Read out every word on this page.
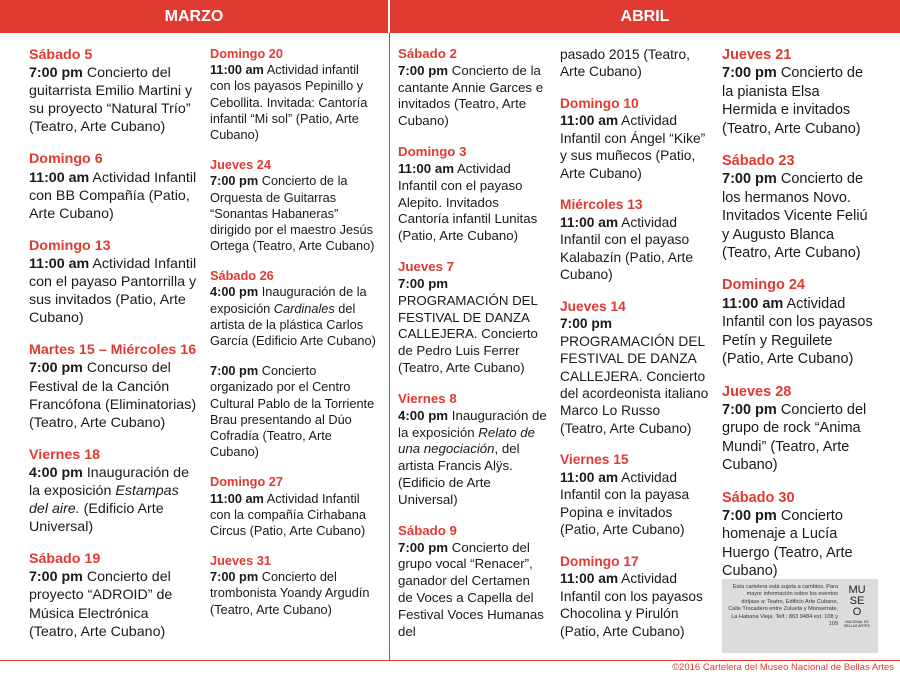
MARZO	ABRIL
Sábado 5
7:00 pm Concierto del guitarrista Emilio Martini y su proyecto “Natural Trío” (Teatro, Arte Cubano)
Domingo 6
11:00 am Actividad Infantil con BB Compañía (Patio, Arte Cubano)
Domingo 13
11:00 am Actividad Infantil con el payaso Pantorrilla y sus invitados (Patio, Arte Cubano)
Martes 15 – Miércoles 16
7:00 pm Concurso del Festival de la Canción Francófona (Eliminatorias) (Teatro, Arte Cubano)
Viernes 18
4:00 pm Inauguración de la exposición Estampas del aire. (Edificio Arte Universal)
Sábado 19
7:00 pm Concierto del proyecto “ADROID” de Música Electrónica (Teatro, Arte Cubano)
Domingo 20
11:00 am Actividad infantil con los payasos Pepinillo y Cebollita. Invitada: Cantoría infantil “Mi sol” (Patio, Arte Cubano)
Jueves 24
7:00 pm Concierto de la Orquesta de Guitarras “Sonantas Habaneras” dirigido por el maestro Jesús Ortega (Teatro, Arte Cubano)
Sábado 26
4:00 pm Inauguración de la exposición Cardinales del artista de la plástica Carlos García (Edificio Arte Cubano)
7:00 pm Concierto organizado por el Centro Cultural Pablo de la Torriente Brau presentando al Dúo Cofradía (Teatro, Arte Cubano)
Domingo 27
11:00 am Actividad Infantil con la compañía Cirhabana Circus (Patio, Arte Cubano)
Jueves 31
7:00 pm Concierto del trombonista Yoandy Argudín (Teatro, Arte Cubano)
Sábado 2
7:00 pm Concierto de la cantante Annie Garces e invitados (Teatro, Arte Cubano)
Domingo 3
11:00 am Actividad Infantil con el payaso Alepito. Invitados Cantoría infantil Lunitas (Patio, Arte Cubano)
Jueves 7
7:00 pm PROGRAMACIÓN DEL FESTIVAL DE DANZA CALLEJERA. Concierto de Pedro Luis Ferrer (Teatro, Arte Cubano)
Viernes 8
4:00 pm Inauguración de la exposición Relato de una negociación, del artista Francis Alÿs. (Edificio de Arte Universal)
Sábado 9
7:00 pm Concierto del grupo vocal “Renacer”, ganador del Certamen de Voces a Capella del Festival Voces Humanas del
pasado 2015 (Teatro, Arte Cubano)
Domingo 10
11:00 am Actividad Infantil con Ángel “Kike” y sus muñecos (Patio, Arte Cubano)
Miércoles 13
11:00 am Actividad Infantil con el payaso Kalabazín (Patio, Arte Cubano)
Jueves 14
7:00 pm PROGRAMACIÓN DEL FESTIVAL DE DANZA CALLEJERA. Concierto del acordeonista italiano Marco Lo Russo (Teatro, Arte Cubano)
Viernes 15
11:00 am Actividad Infantil con la payasa Popina e invitados (Patio, Arte Cubano)
Domingo 17
11:00 am Actividad Infantil con los payasos Chocolina y Pirulón (Patio, Arte Cubano)
Jueves 21
7:00 pm Concierto de la pianista Elsa Hermida e invitados (Teatro, Arte Cubano)
Sábado 23
7:00 pm Concierto de los hermanos Novo. Invitados Vicente Feliú y Augusto Blanca (Teatro, Arte Cubano)
Domingo 24
11:00 am Actividad Infantil con los payasos Petín y Reguilete (Patio, Arte Cubano)
Jueves 28
7:00 pm Concierto del grupo de rock “Anima Mundi” (Teatro, Arte Cubano)
Sábado 30
7:00 pm Concierto homenaje a Lucía Huergo (Teatro, Arte Cubano)
Esta cartelera está sujeta a cambios. Para mayor información sobre los eventos diríjase a: Teatro, Edificio Arte Cubano, Calle Trocadero entre Zulueta y Monserrate, La Habana Vieja. Telf.: 863 9484 ext. 108 y 109
MU
SE
O
NACIONAL DE BELLAS ARTES
©2016 Cartelera del Museo Nacional de Bellas Artes
